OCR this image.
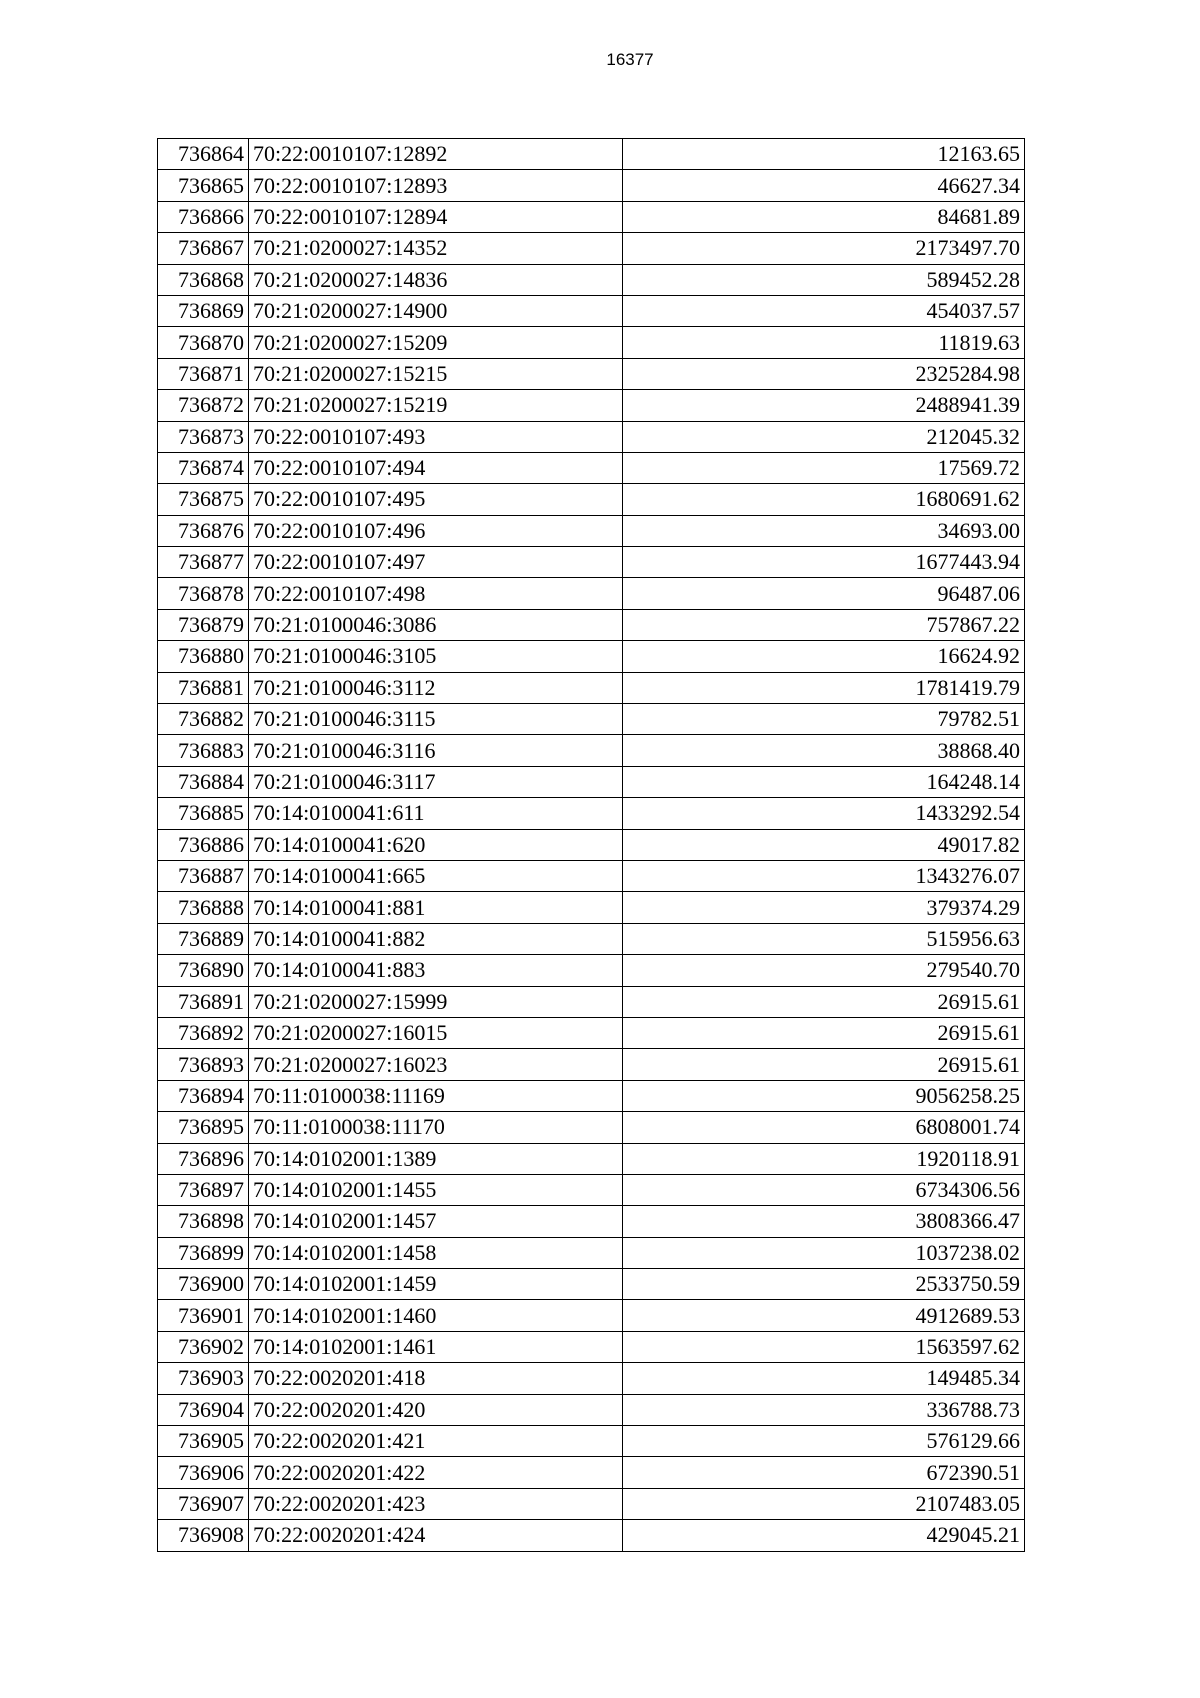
16377
736864	70:22:0010107:12892	12163.65
736865	70:22:0010107:12893	46627.34
736866	70:22:0010107:12894	84681.89
736867	70:21:0200027:14352	2173497.70
736868	70:21:0200027:14836	589452.28
736869	70:21:0200027:14900	454037.57
736870	70:21:0200027:15209	11819.63
736871	70:21:0200027:15215	2325284.98
736872	70:21:0200027:15219	2488941.39
736873	70:22:0010107:493	212045.32
736874	70:22:0010107:494	17569.72
736875	70:22:0010107:495	1680691.62
736876	70:22:0010107:496	34693.00
736877	70:22:0010107:497	1677443.94
736878	70:22:0010107:498	96487.06
736879	70:21:0100046:3086	757867.22
736880	70:21:0100046:3105	16624.92
736881	70:21:0100046:3112	1781419.79
736882	70:21:0100046:3115	79782.51
736883	70:21:0100046:3116	38868.40
736884	70:21:0100046:3117	164248.14
736885	70:14:0100041:611	1433292.54
736886	70:14:0100041:620	49017.82
736887	70:14:0100041:665	1343276.07
736888	70:14:0100041:881	379374.29
736889	70:14:0100041:882	515956.63
736890	70:14:0100041:883	279540.70
736891	70:21:0200027:15999	26915.61
736892	70:21:0200027:16015	26915.61
736893	70:21:0200027:16023	26915.61
736894	70:11:0100038:11169	9056258.25
736895	70:11:0100038:11170	6808001.74
736896	70:14:0102001:1389	1920118.91
736897	70:14:0102001:1455	6734306.56
736898	70:14:0102001:1457	3808366.47
736899	70:14:0102001:1458	1037238.02
736900	70:14:0102001:1459	2533750.59
736901	70:14:0102001:1460	4912689.53
736902	70:14:0102001:1461	1563597.62
736903	70:22:0020201:418	149485.34
736904	70:22:0020201:420	336788.73
736905	70:22:0020201:421	576129.66
736906	70:22:0020201:422	672390.51
736907	70:22:0020201:423	2107483.05
736908	70:22:0020201:424	429045.21
